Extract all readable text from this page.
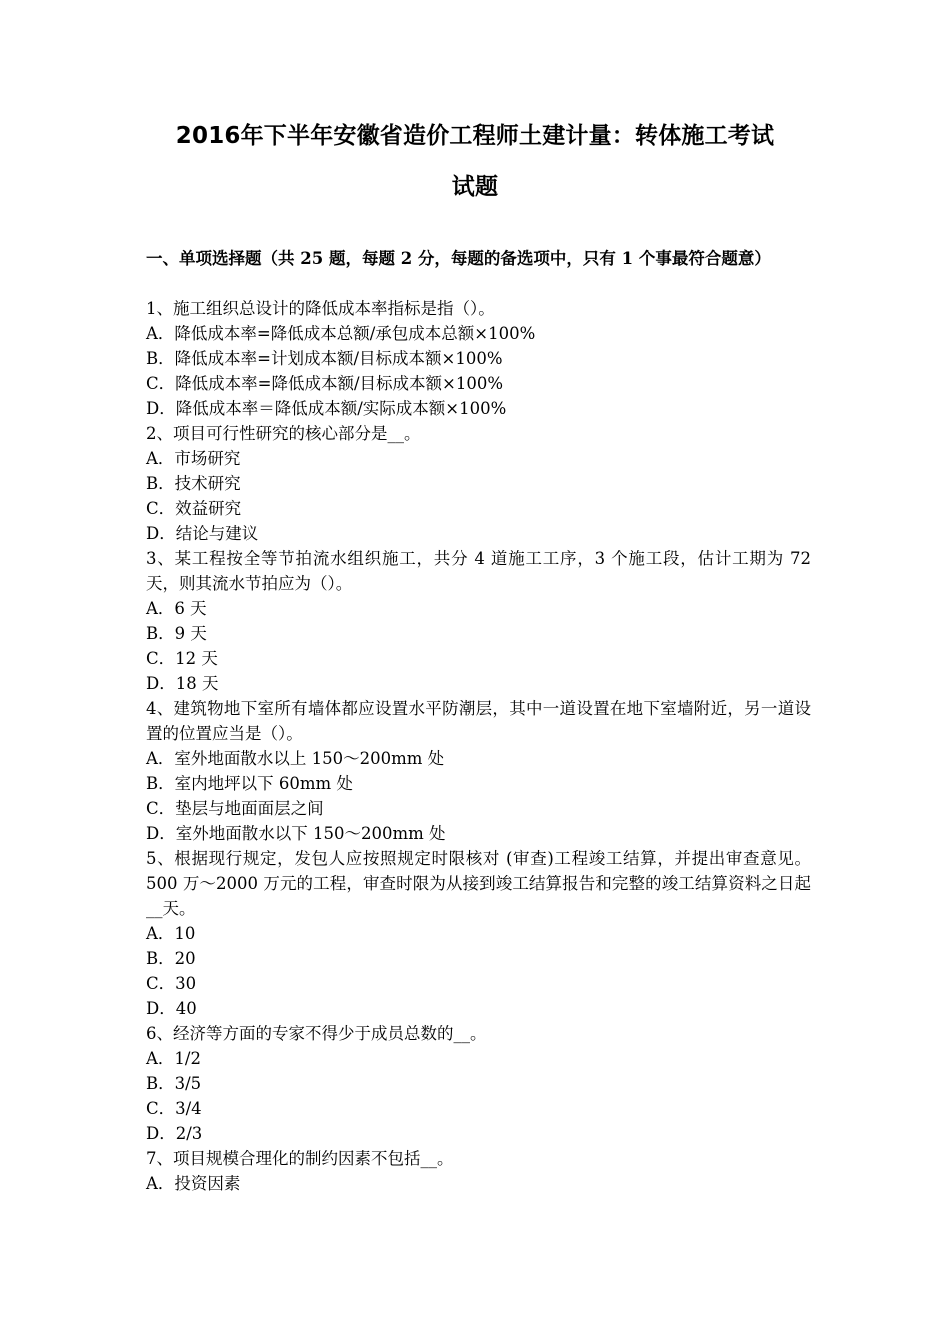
2016年下半年安徽省造价工程师土建计量：转体施工考试
试题
一、单项选择题（共 25 题，每题 2 分，每题的备选项中，只有 1 个事最符合题意）

1、施工组织总设计的降低成本率指标是指（）。

A．降低成本率=降低成本总额/承包成本总额×100%

B．降低成本率=计划成本额/目标成本额×100%

C．降低成本率=降低成本额/目标成本额×100%

D．降低成本率＝降低成本额/实际成本额×100%

2、项目可行性研究的核心部分是__。

A．市场研究

B．技术研究

C．效益研究

D．结论与建议

3、某工程按全等节拍流水组织施工，共分 4 道施工工序，3 个施工段，估计工期为 72 天，则其流水节拍应为（）。

A．6 天

B．9 天

C．12 天

D．18 天

4、建筑物地下室所有墙体都应设置水平防潮层，其中一道设置在地下室墙附近，另一道设置的位置应当是（）。

A．室外地面散水以上 150～200mm 处

B．室内地坪以下 60mm 处

C．垫层与地面面层之间

D．室外地面散水以下 150～200mm 处

5、根据现行规定，发包人应按照规定时限核对 (审查)工程竣工结算，并提出审查意见。500 万～2000 万元的工程，审查时限为从接到竣工结算报告和完整的竣工结算资料之日起__天。

A．10

B．20

C．30

D．40

6、经济等方面的专家不得少于成员总数的__。

A．1/2

B．3/5

C．3/4

D．2/3

7、项目规模合理化的制约因素不包括__。

A．投资因素
